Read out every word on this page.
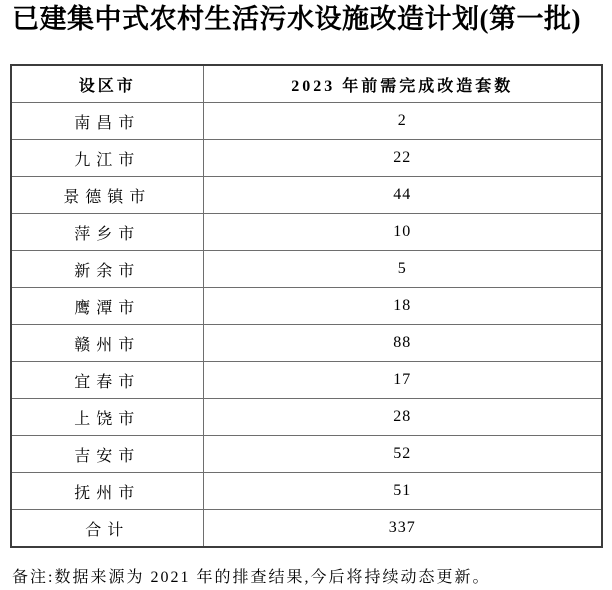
已建集中式农村生活污水设施改造计划(第一批)
设区市	2023 年前需完成改造套数
南昌市	2
九江市	22
景德镇市	44
萍乡市	10
新余市	5
鹰潭市	18
赣州市	88
宜春市	17
上饶市	28
吉安市	52
抚州市	51
合计	337

备注:数据来源为 2021 年的排查结果,今后将持续动态更新。
